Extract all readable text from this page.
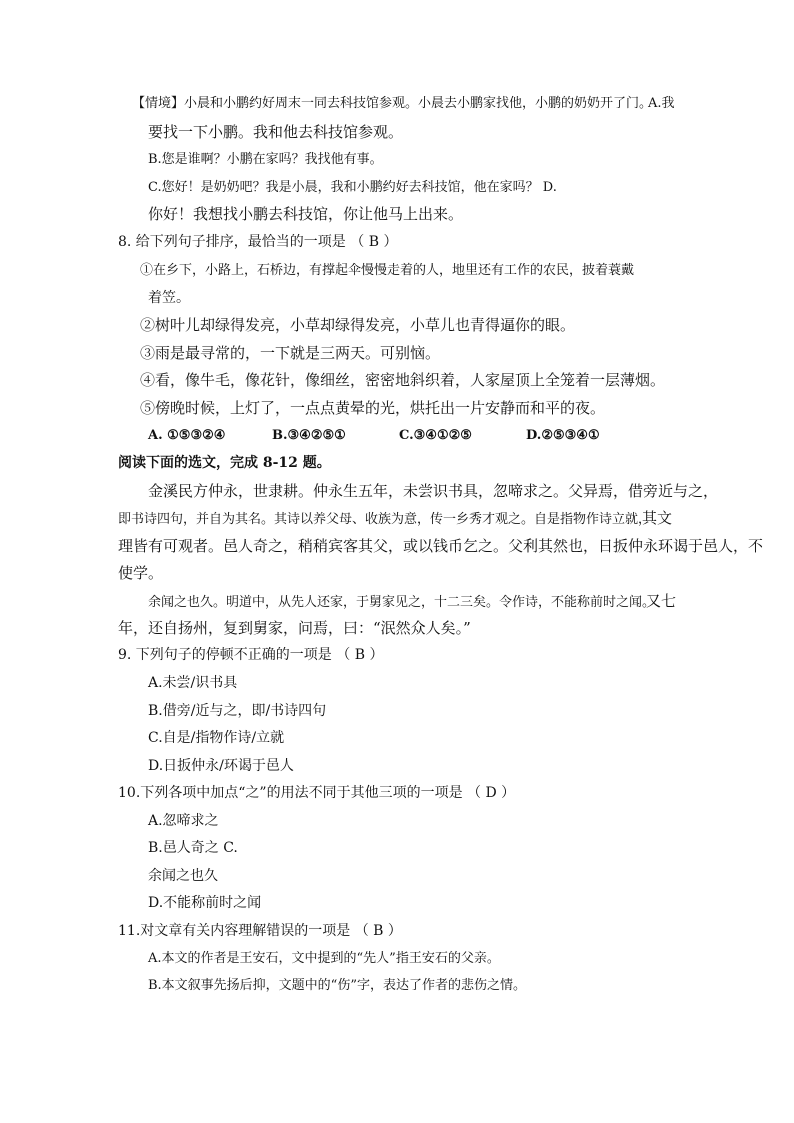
【情境】小晨和小鹏约好周末一同去科技馆参观。小晨去小鹏家找他，小鹏的奶奶开了门。
A.我
要找一下小鹏。我和他去科技馆参观。
B.您是谁啊？小鹏在家吗？我找他有事。
C.您好！是奶奶吧？我是小晨，我和小鹏约好去科技馆，他在家吗？ D.
你好！我想找小鹏去科技馆，你让他马上出来。
8. 给下列句子排序，最恰当的一项是 （ B ）
①在乡下，小路上，石桥边，有撑起伞慢慢走着的人，地里还有工作的农民，披着蓑戴
着笠。
②树叶儿却绿得发亮，小草却绿得发亮，小草儿也青得逼你的眼。
③雨是最寻常的，一下就是三两天。可别恼。
④看，像牛毛，像花针，像细丝，密密地斜织着，人家屋顶上全笼着一层薄烟。
⑤傍晚时候，上灯了，一点点黄晕的光，烘托出一片安静而和平的夜。
A. ①⑤③②④	B.③④②⑤①	C.③④①②⑤	D.②⑤③④①
阅读下面的选文，完成 8-12 题。
金溪民方仲永，世隶耕。仲永生五年，未尝识书具，忽啼求之。父异焉，借旁近与之，
即书诗四句，并自为其名。其诗以养父母、收族为意，传一乡秀才观之。自是指物作诗立就，
其文
理皆有可观者。邑人奇之，稍稍宾客其父，或以钱币乞之。父利其然也，日扳仲永环谒于邑人，不
使学。
余闻之也久。明道中，从先人还家，于舅家见之，十二三矣。令作诗，不能称前时之闻。
又七
年，还自扬州，复到舅家，问焉，曰：“泯然众人矣。”
9. 下列句子的停顿不正确的一项是 （ B ）
A.未尝/识书具
B.借旁/近与之，即/书诗四句
C.自是/指物作诗/立就
D.日扳仲永/环谒于邑人
10.下列各项中加点“之”的用法不同于其他三项的一项是 （ D ）
A.忽啼求之
B.邑人奇之 C.
余闻之也久
D.不能称前时之闻
11.对文章有关内容理解错误的一项是 （ B ）
A.本文的作者是王安石，文中提到的“先人”指王安石的父亲。
B.本文叙事先扬后抑，文题中的“伤”字，表达了作者的悲伤之情。
